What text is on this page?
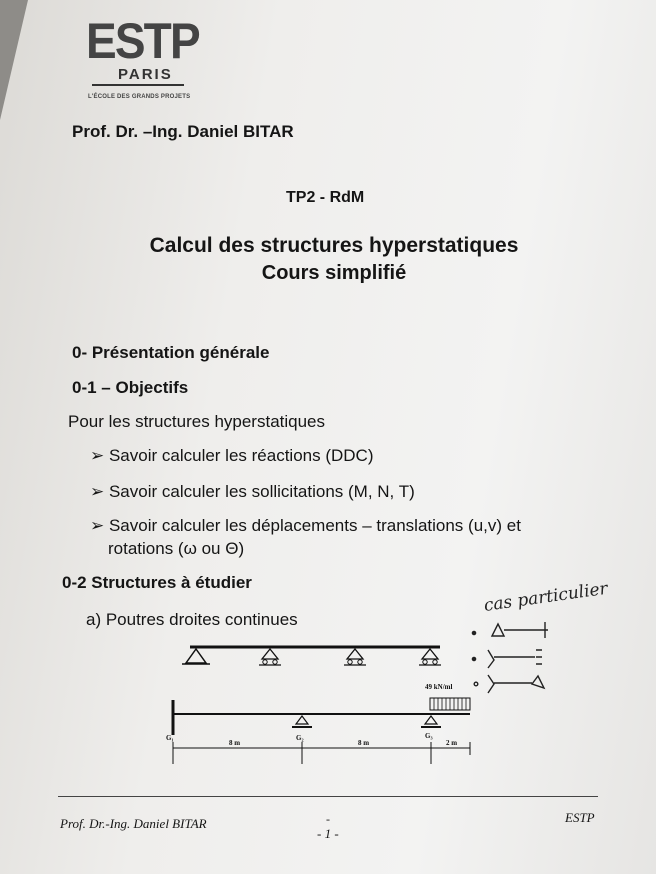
ESTP
PARIS
L'ÉCOLE DES GRANDS PROJETS
Prof. Dr. –Ing. Daniel BITAR
TP2 - RdM
Calcul des structures hyperstatiques
Cours simplifié
0- Présentation générale
0-1 – Objectifs
Pour les structures hyperstatiques
➢ Savoir calculer les réactions (DDC)
➢ Savoir calculer les sollicitations (M, N, T)
➢ Savoir calculer les déplacements – translations (u,v) et
rotations (ω ou Θ)
0-2 Structures à étudier
a) Poutres droites continues
cas particulier
49 kN/ml
G₁	G₂	G₃
8 m	8 m	2 m
Prof. Dr.-Ing. Daniel BITAR	-
- 1 -
ESTP
